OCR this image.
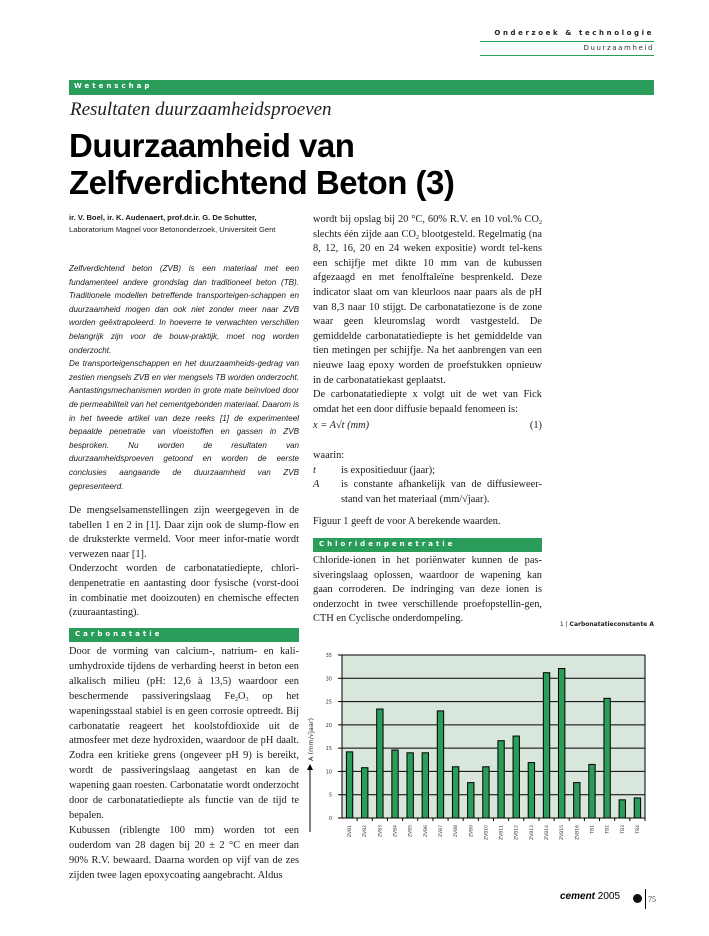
Onderzoek & technologie
Duurzaamheid
Wetenschap
Resultaten duurzaamheidsproeven
Duurzaamheid van
Zelfverdichtend Beton (3)
ir. V. Boel, ir. K. Audenaert, prof.dr.ir. G. De Schutter,
Laboratorium Magnel voor Betononderzoek, Universiteit Gent

Zelfverdichtend beton (ZVB) is een materiaal met een fundamenteel andere grondslag dan traditioneel beton (TB). Traditionele modellen betreffende transporteigen-schappen en duurzaamheid mogen dan ook niet zonder meer naar ZVB worden geëxtrapoleerd. In hoeverre te verwachten verschillen belangrijk zijn voor de bouw-praktijk, moet nog worden onderzocht.

De transporteigenschappen en het duurzaamheids-gedrag van zestien mengsels ZVB en vier mengsels TB worden onderzocht. Aantastingsmechanismen worden in grote mate beïnvloed door de permeabiliteit van het cementgebonden materiaal. Daarom is in het tweede artikel van deze reeks [1] de experimenteel bepaalde penetratie van vloeistoffen en gassen in ZVB besproken. Nu worden de resultaten van duurzaamheidsproeven getoond en worden de eerste conclusies aangaande de duurzaamheid van ZVB gepresenteerd.

De mengselsamenstellingen zijn weergegeven in de tabellen 1 en 2 in [1]. Daar zijn ook de slump-flow en de druksterkte vermeld. Voor meer infor-matie wordt verwezen naar [1].

Onderzocht worden de carbonatatiediepte, chlori-denpenetratie en aantasting door fysische (vorst-dooi in combinatie met dooizouten) en chemische effecten (zuuraantasting).

Carbonatatie

Door de vorming van calcium-, natrium- en kali-umhydroxide tijdens de verharding heerst in beton een alkalisch milieu (pH: 12,6 à 13,5) waardoor een beschermende passiveringslaag $Fe_2O_3$ op het wapeningsstaal stabiel is en geen corrosie optreedt. Bij carbonatatie reageert het koolstofdioxide uit de atmosfeer met deze hydroxiden, waardoor de pH daalt. Zodra een kritieke grens (ongeveer pH 9) is bereikt, wordt de passiveringslaag aangetast en kan de wapening gaan roesten. Carbonatatie wordt onderzocht door de carbonatatiediepte als functie van de tijd te bepalen.

Kubussen (riblengte 100 mm) worden tot een ouderdom van 28 dagen bij 20 ± 2 °C en meer dan 90% R.V. bewaard. Daarna worden op vijf van de zes zijden twee lagen epoxycoating aangebracht. Aldus

wordt bij opslag bij 20 °C, 60% R.V. en 10 vol.% $CO_2$ slechts één zijde aan $CO_2$ blootgesteld. Regelmatig (na 8, 12, 16, 20 en 24 weken expositie) wordt tel-kens een schijfje met dikte 10 mm van de kubussen afgezaagd en met fenolftaleïne besprenkeld. Deze indicator slaat om van kleurloos naar paars als de pH van 8,3 naar 10 stijgt. De carbonatatiezone is de zone waar geen kleuromslag wordt vastgesteld. De gemiddelde carbonatatiediepte is het gemiddelde van tien metingen per schijfje. Na het aanbrengen van een nieuwe laag epoxy worden de proefstukken opnieuw in de carbonatatiekast geplaatst.

De carbonatatiediepte x volgt uit de wet van Fick omdat het een door diffusie bepaald fenomeen is:

x = A√t (mm)	(1)
waarin:
t	is expositieduur (jaar);
A	is constante afhankelijk van de diffusieweer-stand van het materiaal (mm/√jaar).
Figuur 1 geeft de voor A berekende waarden.
Chloridenpenetratie

Chloride-ionen in het poriënwater kunnen de pas-siveringslaag oplossen, waardoor de wapening kan gaan corroderen. De indringing van deze ionen is onderzocht in twee verschillende proefopstellin-gen, CTH en Cyclische onderdompeling.

1 | Carbonatatieconstante A
0
5
10
15
20
25
30
35
ZVB1 ZVB2 ZVB3 ZVB4 ZVB5 ZVB6 ZVB7 ZVB8 ZVB9 ZVB10 ZVB11 ZVB12 ZVB13 ZVB14 ZVB15 ZVB16 TB1 TB2 TB3 TB4
A (mm/√jaar)
cement 2005	75
